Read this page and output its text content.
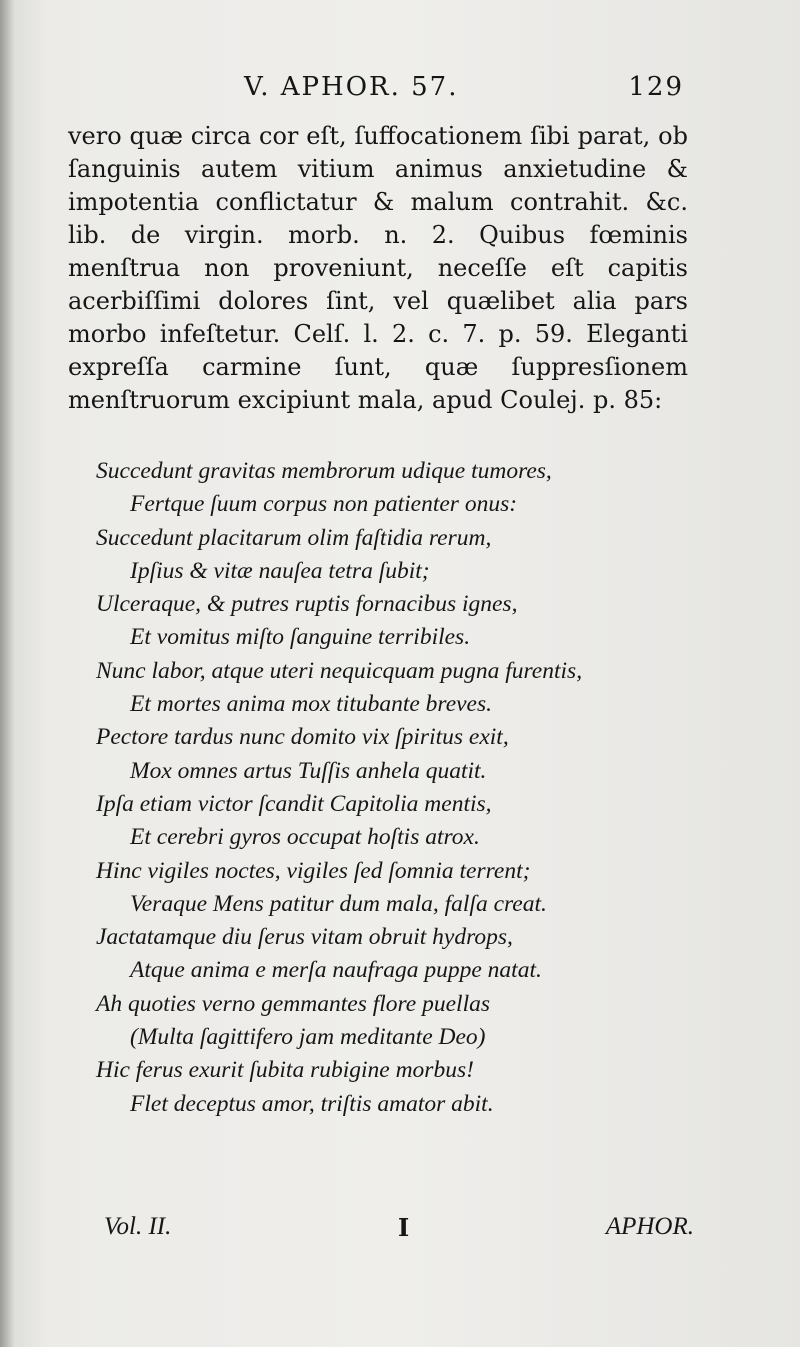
V. APHOR. 57.	129

vero quæ circa cor eſt, ſuffocationem ſibi parat, ob ſanguinis autem vitium animus anxietudine & impotentia conflictatur & malum contrahit. &c. lib. de virgin. morb. n. 2. Quibus fœminis menſtrua non proveniunt, neceſſe eſt capitis acerbiſſimi dolores ſint, vel quælibet alia pars morbo infeſtetur. Celſ. l. 2. c. 7. p. 59. Eleganti expreſſa carmine ſunt, quæ ſuppresſionem menſtruorum excipiunt mala, apud Coulej. p. 85:

Succedunt gravitas membrorum udique tumores,
Fertque ſuum corpus non patienter onus:
Succedunt placitarum olim faſtidia rerum,
Ipſius & vitæ nauſea tetra ſubit;
Ulceraque, & putres ruptis fornacibus ignes,
Et vomitus miſto ſanguine terribiles.
Nunc labor, atque uteri nequicquam pugna furentis,
Et mortes anima mox titubante breves.
Pectore tardus nunc domito vix ſpiritus exit,
Mox omnes artus Tuſſis anhela quatit.
Ipſa etiam victor ſcandit Capitolia mentis,
Et cerebri gyros occupat hoſtis atrox.
Hinc vigiles noctes, vigiles ſed ſomnia terrent;
Veraque Mens patitur dum mala, falſa creat.
Jactatamque diu ſerus vitam obruit hydrops,
Atque anima e merſa naufraga puppe natat.
Ah quoties verno gemmantes flore puellas
(Multa ſagittifero jam meditante Deo)
Hic ferus exurit ſubita rubigine morbus!
Flet deceptus amor, triſtis amator abit.
Vol. II.	I	APHOR.
